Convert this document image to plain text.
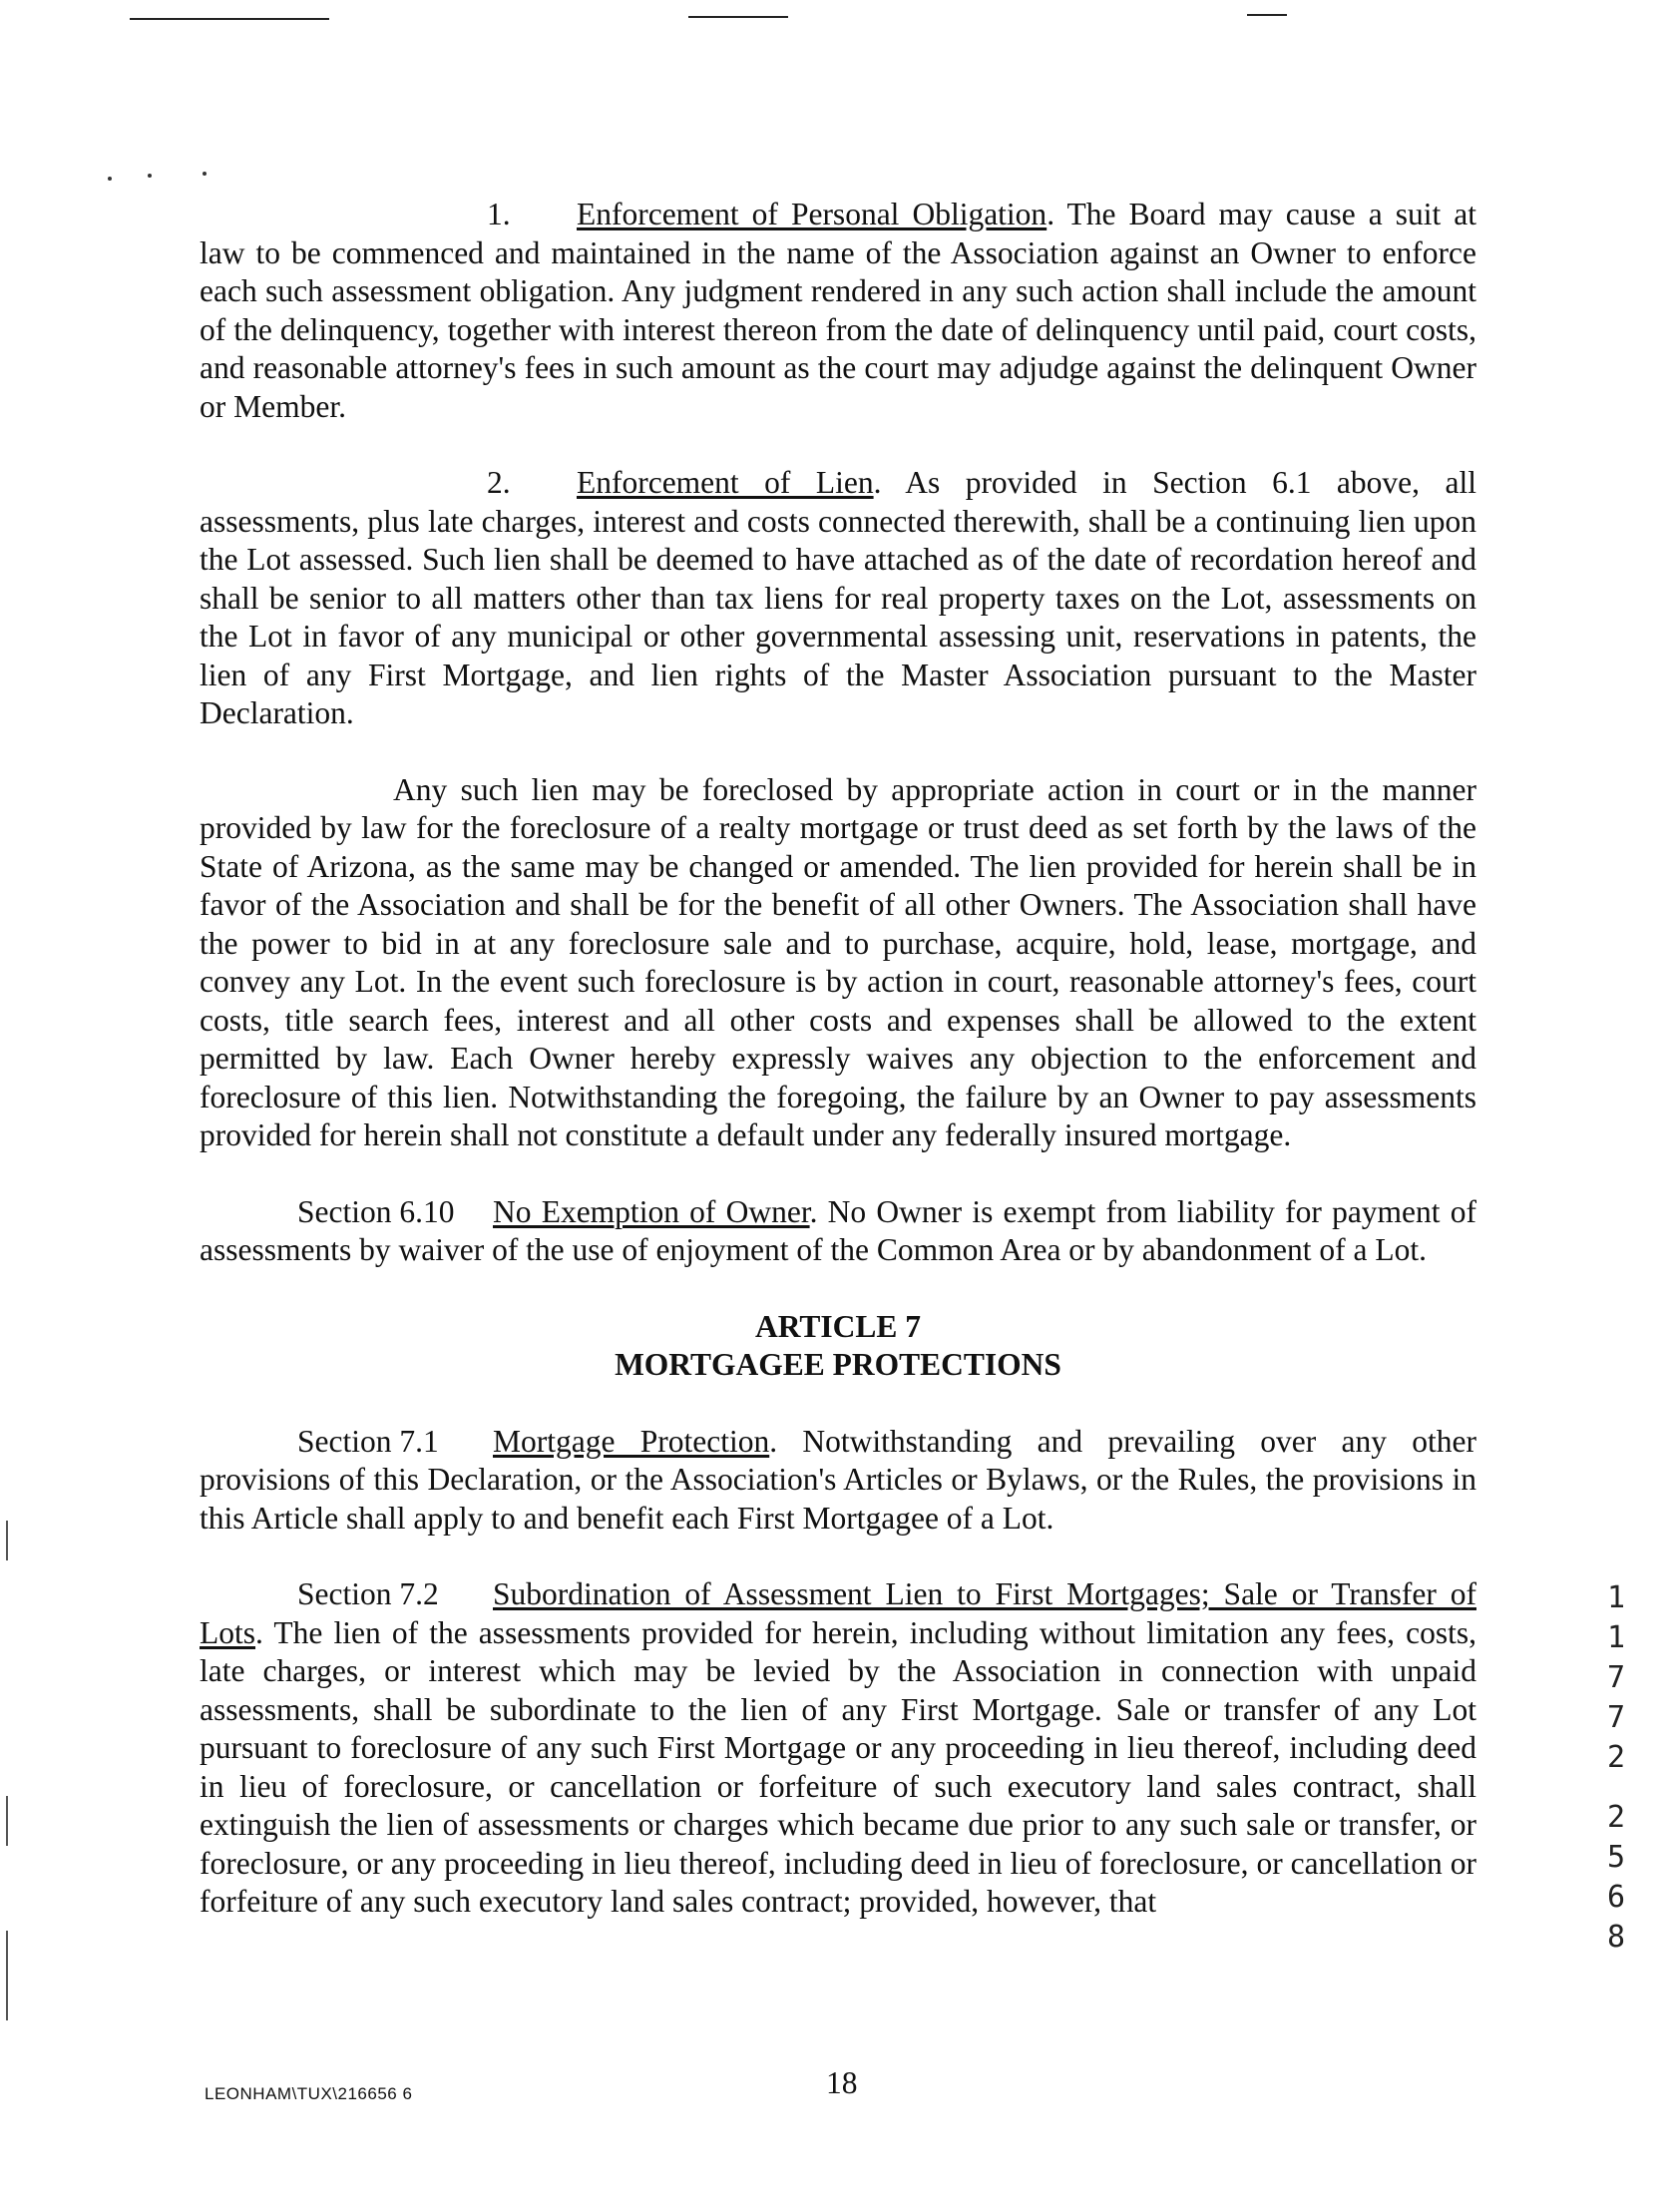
1. Enforcement of Personal Obligation. The Board may cause a suit at law to be commenced and maintained in the name of the Association against an Owner to enforce each such assessment obligation. Any judgment rendered in any such action shall include the amount of the delinquency, together with interest thereon from the date of delinquency until paid, court costs, and reasonable attorney's fees in such amount as the court may adjudge against the delinquent Owner or Member.

2. Enforcement of Lien. As provided in Section 6.1 above, all assessments, plus late charges, interest and costs connected therewith, shall be a continuing lien upon the Lot assessed. Such lien shall be deemed to have attached as of the date of recordation hereof and shall be senior to all matters other than tax liens for real property taxes on the Lot, assessments on the Lot in favor of any municipal or other governmental assessing unit, reservations in patents, the lien of any First Mortgage, and lien rights of the Master Association pursuant to the Master Declaration.

Any such lien may be foreclosed by appropriate action in court or in the manner provided by law for the foreclosure of a realty mortgage or trust deed as set forth by the laws of the State of Arizona, as the same may be changed or amended. The lien provided for herein shall be in favor of the Association and shall be for the benefit of all other Owners. The Association shall have the power to bid in at any foreclosure sale and to purchase, acquire, hold, lease, mortgage, and convey any Lot. In the event such foreclosure is by action in court, reasonable attorney's fees, court costs, title search fees, interest and all other costs and expenses shall be allowed to the extent permitted by law. Each Owner hereby expressly waives any objection to the enforcement and foreclosure of this lien. Notwithstanding the foregoing, the failure by an Owner to pay assessments provided for herein shall not constitute a default under any federally insured mortgage.

Section 6.10 No Exemption of Owner. No Owner is exempt from liability for payment of assessments by waiver of the use of enjoyment of the Common Area or by abandonment of a Lot.

ARTICLE 7

MORTGAGEE PROTECTIONS

Section 7.1 Mortgage Protection. Notwithstanding and prevailing over any other provisions of this Declaration, or the Association's Articles or Bylaws, or the Rules, the provisions in this Article shall apply to and benefit each First Mortgagee of a Lot.

Section 7.2 Subordination of Assessment Lien to First Mortgages; Sale or Transfer of Lots. The lien of the assessments provided for herein, including without limitation any fees, costs, late charges, or interest which may be levied by the Association in connection with unpaid assessments, shall be subordinate to the lien of any First Mortgage. Sale or transfer of any Lot pursuant to foreclosure of any such First Mortgage or any proceeding in lieu thereof, including deed in lieu of foreclosure, or cancellation or forfeiture of such executory land sales contract, shall extinguish the lien of assessments or charges which became due prior to any such sale or transfer, or foreclosure, or any proceeding in lieu thereof, including deed in lieu of foreclosure, or cancellation or forfeiture of any such executory land sales contract; provided, however, that

1
1
7
7
2
2
5
6
8
LEONHAM\TUX\216656 6	18
